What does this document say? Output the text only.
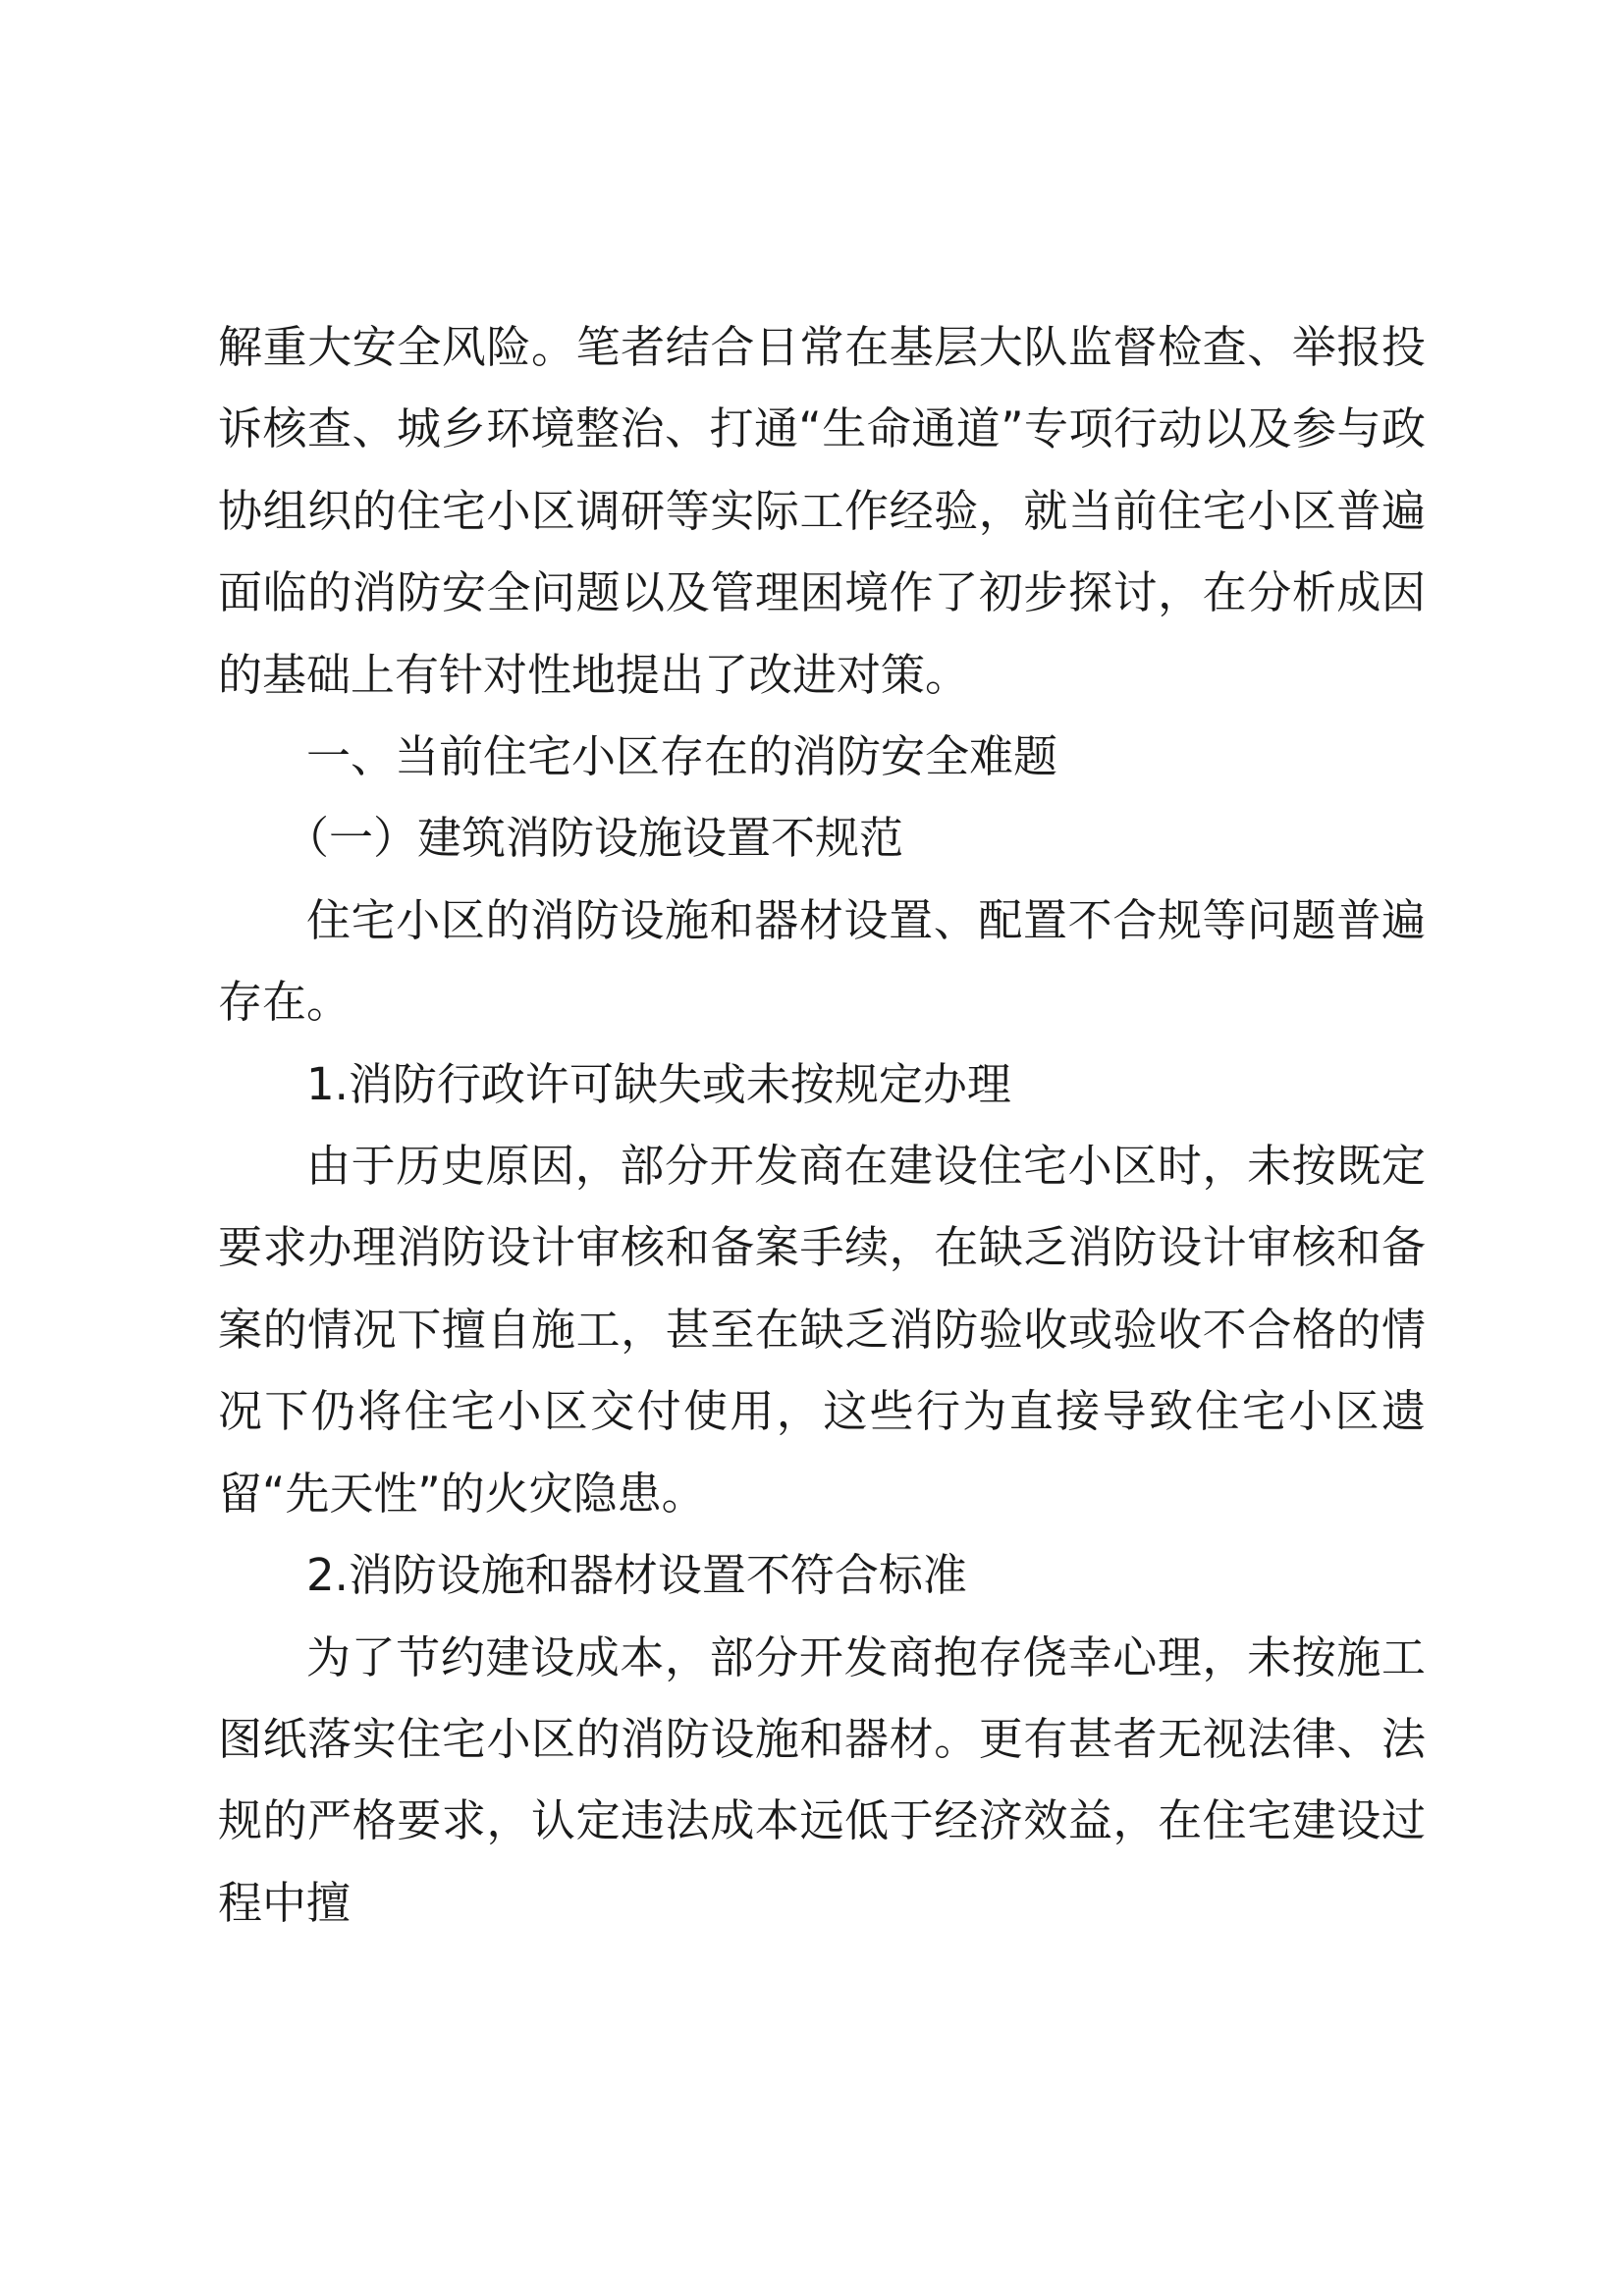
解重大安全风险。笔者结合日常在基层大队监督检查、举报投诉核查、城乡环境整治、打通“生命通道”专项行动以及参与政协组织的住宅小区调研等实际工作经验，就当前住宅小区普遍面临的消防安全问题以及管理困境作了初步探讨，在分析成因的基础上有针对性地提出了改进对策。

一、当前住宅小区存在的消防安全难题

（一）建筑消防设施设置不规范

住宅小区的消防设施和器材设置、配置不合规等问题普遍存在。

1.消防行政许可缺失或未按规定办理

由于历史原因，部分开发商在建设住宅小区时，未按既定要求办理消防设计审核和备案手续，在缺乏消防设计审核和备案的情况下擅自施工，甚至在缺乏消防验收或验收不合格的情况下仍将住宅小区交付使用，这些行为直接导致住宅小区遗留“先天性”的火灾隐患。

2.消防设施和器材设置不符合标准

为了节约建设成本，部分开发商抱存侥幸心理，未按施工图纸落实住宅小区的消防设施和器材。更有甚者无视法律、法规的严格要求，认定违法成本远低于经济效益，在住宅建设过程中擅
